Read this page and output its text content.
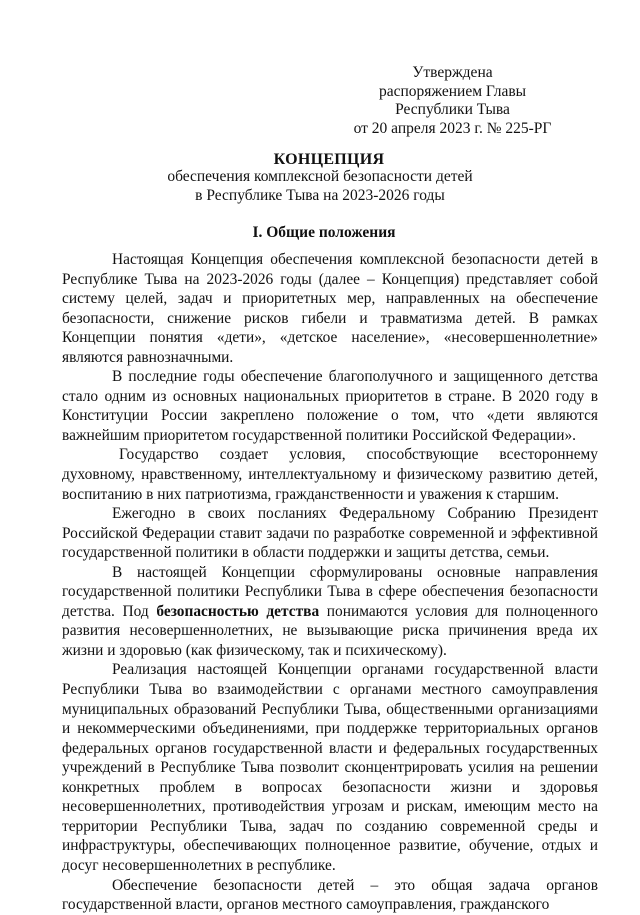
Утверждена
распоряжением Главы
Республики Тыва
от 20 апреля 2023 г. № 225-РГ
КОНЦЕПЦИЯ
обеспечения комплексной безопасности детей
в Республике Тыва на 2023-2026 годы
I. Общие положения

Настоящая Концепция обеспечения комплексной безопасности детей в Республике Тыва на 2023-2026 годы (далее – Концепция) представляет собой систему целей, задач и приоритетных мер, направленных на обеспечение безопасности, снижение рисков гибели и травматизма детей. В рамках Концепции понятия «дети», «детское население», «несовершеннолетние» являются равнозначными.

В последние годы обеспечение благополучного и защищенного детства стало одним из основных национальных приоритетов в стране. В 2020 году в Конституции России закреплено положение о том, что «дети являются важнейшим приоритетом государственной политики Российской Федерации».

Государство создает условия, способствующие всестороннему духовному, нравственному, интеллектуальному и физическому развитию детей, воспитанию в них патриотизма, гражданственности и уважения к старшим.

Ежегодно в своих посланиях Федеральному Собранию Президент Российской Федерации ставит задачи по разработке современной и эффективной государственной политики в области поддержки и защиты детства, семьи.

В настоящей Концепции сформулированы основные направления государственной политики Республики Тыва в сфере обеспечения безопасности детства. Под безопасностью детства понимаются условия для полноценного развития несовершеннолетних, не вызывающие риска причинения вреда их жизни и здоровью (как физическому, так и психическому).

Реализация настоящей Концепции органами государственной власти Республики Тыва во взаимодействии с органами местного самоуправления муниципальных образований Республики Тыва, общественными организациями и некоммерческими объединениями, при поддержке территориальных органов федеральных органов государственной власти и федеральных государственных учреждений в Республике Тыва позволит сконцентрировать усилия на решении конкретных проблем в вопросах безопасности жизни и здоровья несовершеннолетних, противодействия угрозам и рискам, имеющим место на территории Республики Тыва, задач по созданию современной среды и инфраструктуры, обеспечивающих полноценное развитие, обучение, отдых и досуг несовершеннолетних в республике.

Обеспечение безопасности детей – это общая задача органов государственной власти, органов местного самоуправления, гражданского
